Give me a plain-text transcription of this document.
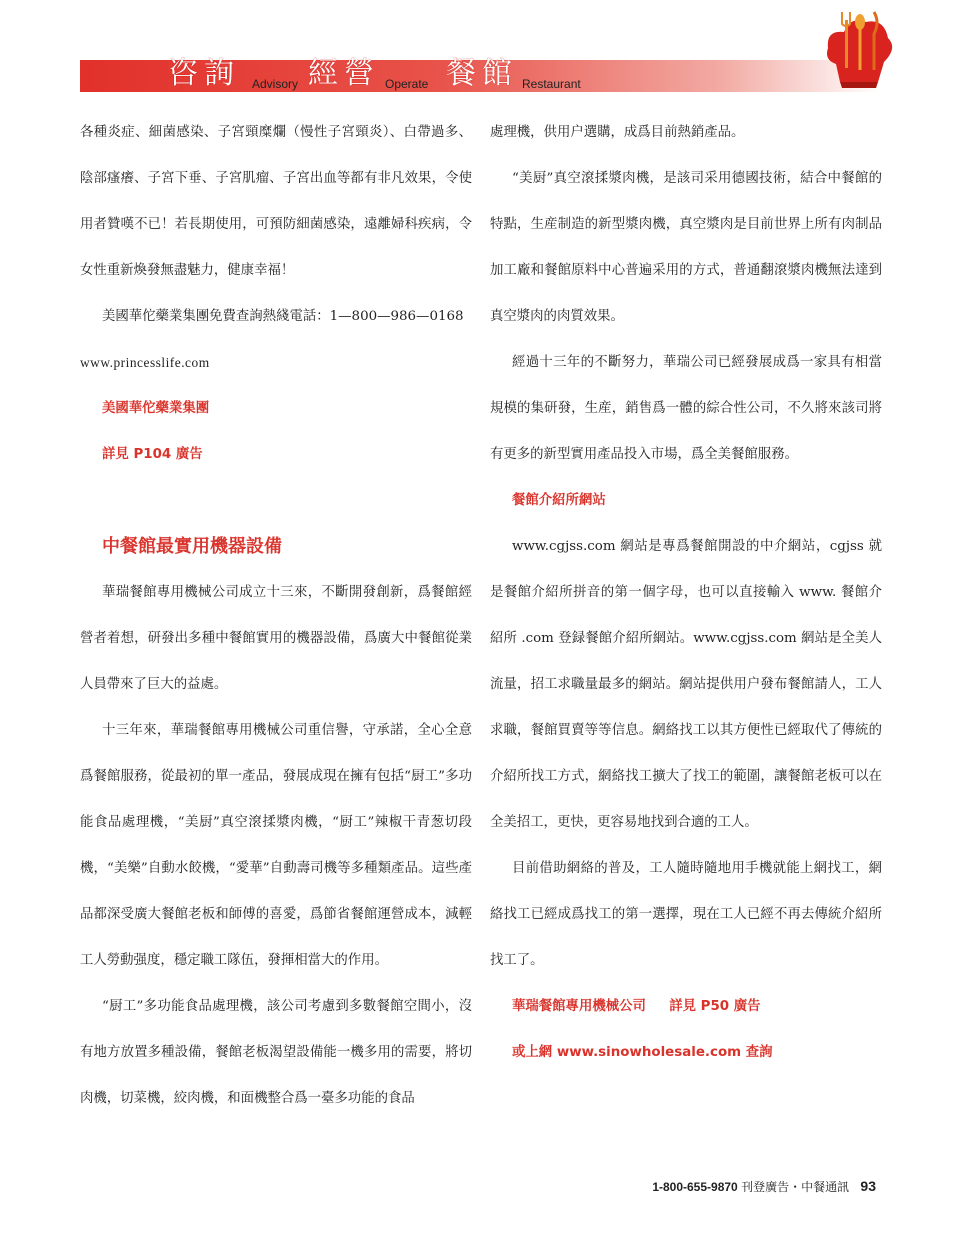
咨詢 Advisory 經營 Operate 餐館 Restaurant

各種炎症、細菌感染、子宮頸糜爛（慢性子宮頸炎）、白帶過多、陰部瘙癢、子宮下垂、子宮肌瘤、子宮出血等都有非凡效果，令使用者贊嘆不已！若長期使用，可預防細菌感染，遠離婦科疾病，令女性重新煥發無盡魅力，健康幸福！

美國華佗藥業集團免費查詢熱綫電話：1—800—986—0168

www.princesslife.com

美國華佗藥業集團

詳見 P104 廣告

中餐館最實用機器設備

華瑞餐館專用機械公司成立十三來，不斷開發創新，爲餐館經營者着想，研發出多種中餐館實用的機器設備，爲廣大中餐館從業人員帶來了巨大的益處。

十三年來，華瑞餐館專用機械公司重信譽，守承諾，全心全意爲餐館服務，從最初的單一產品，發展成現在擁有包括“厨工”多功能食品處理機，“美厨”真空滾揉漿肉機，“厨工”辣椒干青葱切段機，“美樂”自動水餃機，“愛華”自動壽司機等多種類產品。這些產品都深受廣大餐館老板和師傅的喜愛，爲節省餐館運營成本，減輕工人勞動强度，穩定職工隊伍，發揮相當大的作用。

“厨工”多功能食品處理機，該公司考慮到多數餐館空間小，沒有地方放置多種設備，餐館老板渴望設備能一機多用的需要，將切肉機，切菜機，絞肉機，和面機整合爲一臺多功能的食品

處理機，供用户選購，成爲目前熱銷產品。

“美厨”真空滾揉漿肉機，是該司采用德國技術，結合中餐館的特點，生産制造的新型漿肉機，真空漿肉是目前世界上所有肉制品加工廠和餐館原料中心普遍采用的方式，普通翻滾漿肉機無法達到真空漿肉的肉質效果。

經過十三年的不斷努力，華瑞公司已經發展成爲一家具有相當規模的集研發，生産，銷售爲一體的綜合性公司，不久將來該司將有更多的新型實用產品投入市場，爲全美餐館服務。

餐館介紹所網站

www.cgjss.com 網站是專爲餐館開設的中介網站，cgjss 就是餐館介紹所拼音的第一個字母，也可以直接輸入 www. 餐館介紹所 .com 登録餐館介紹所網站。www.cgjss.com 網站是全美人流量，招工求職量最多的網站。網站提供用户發布餐館請人，工人求職，餐館買賣等等信息。網絡找工以其方便性已經取代了傳統的介紹所找工方式，網絡找工擴大了找工的範圍，讓餐館老板可以在全美招工，更快，更容易地找到合適的工人。

目前借助網絡的普及，工人隨時隨地用手機就能上網找工，網絡找工已經成爲找工的第一選擇，現在工人已經不再去傳統介紹所找工了。

華瑞餐館專用機械公司 詳見 P50 廣告

或上網 www.sinowholesale.com 查詢

1-800-655-9870 刊登廣告・中餐通訊 93
